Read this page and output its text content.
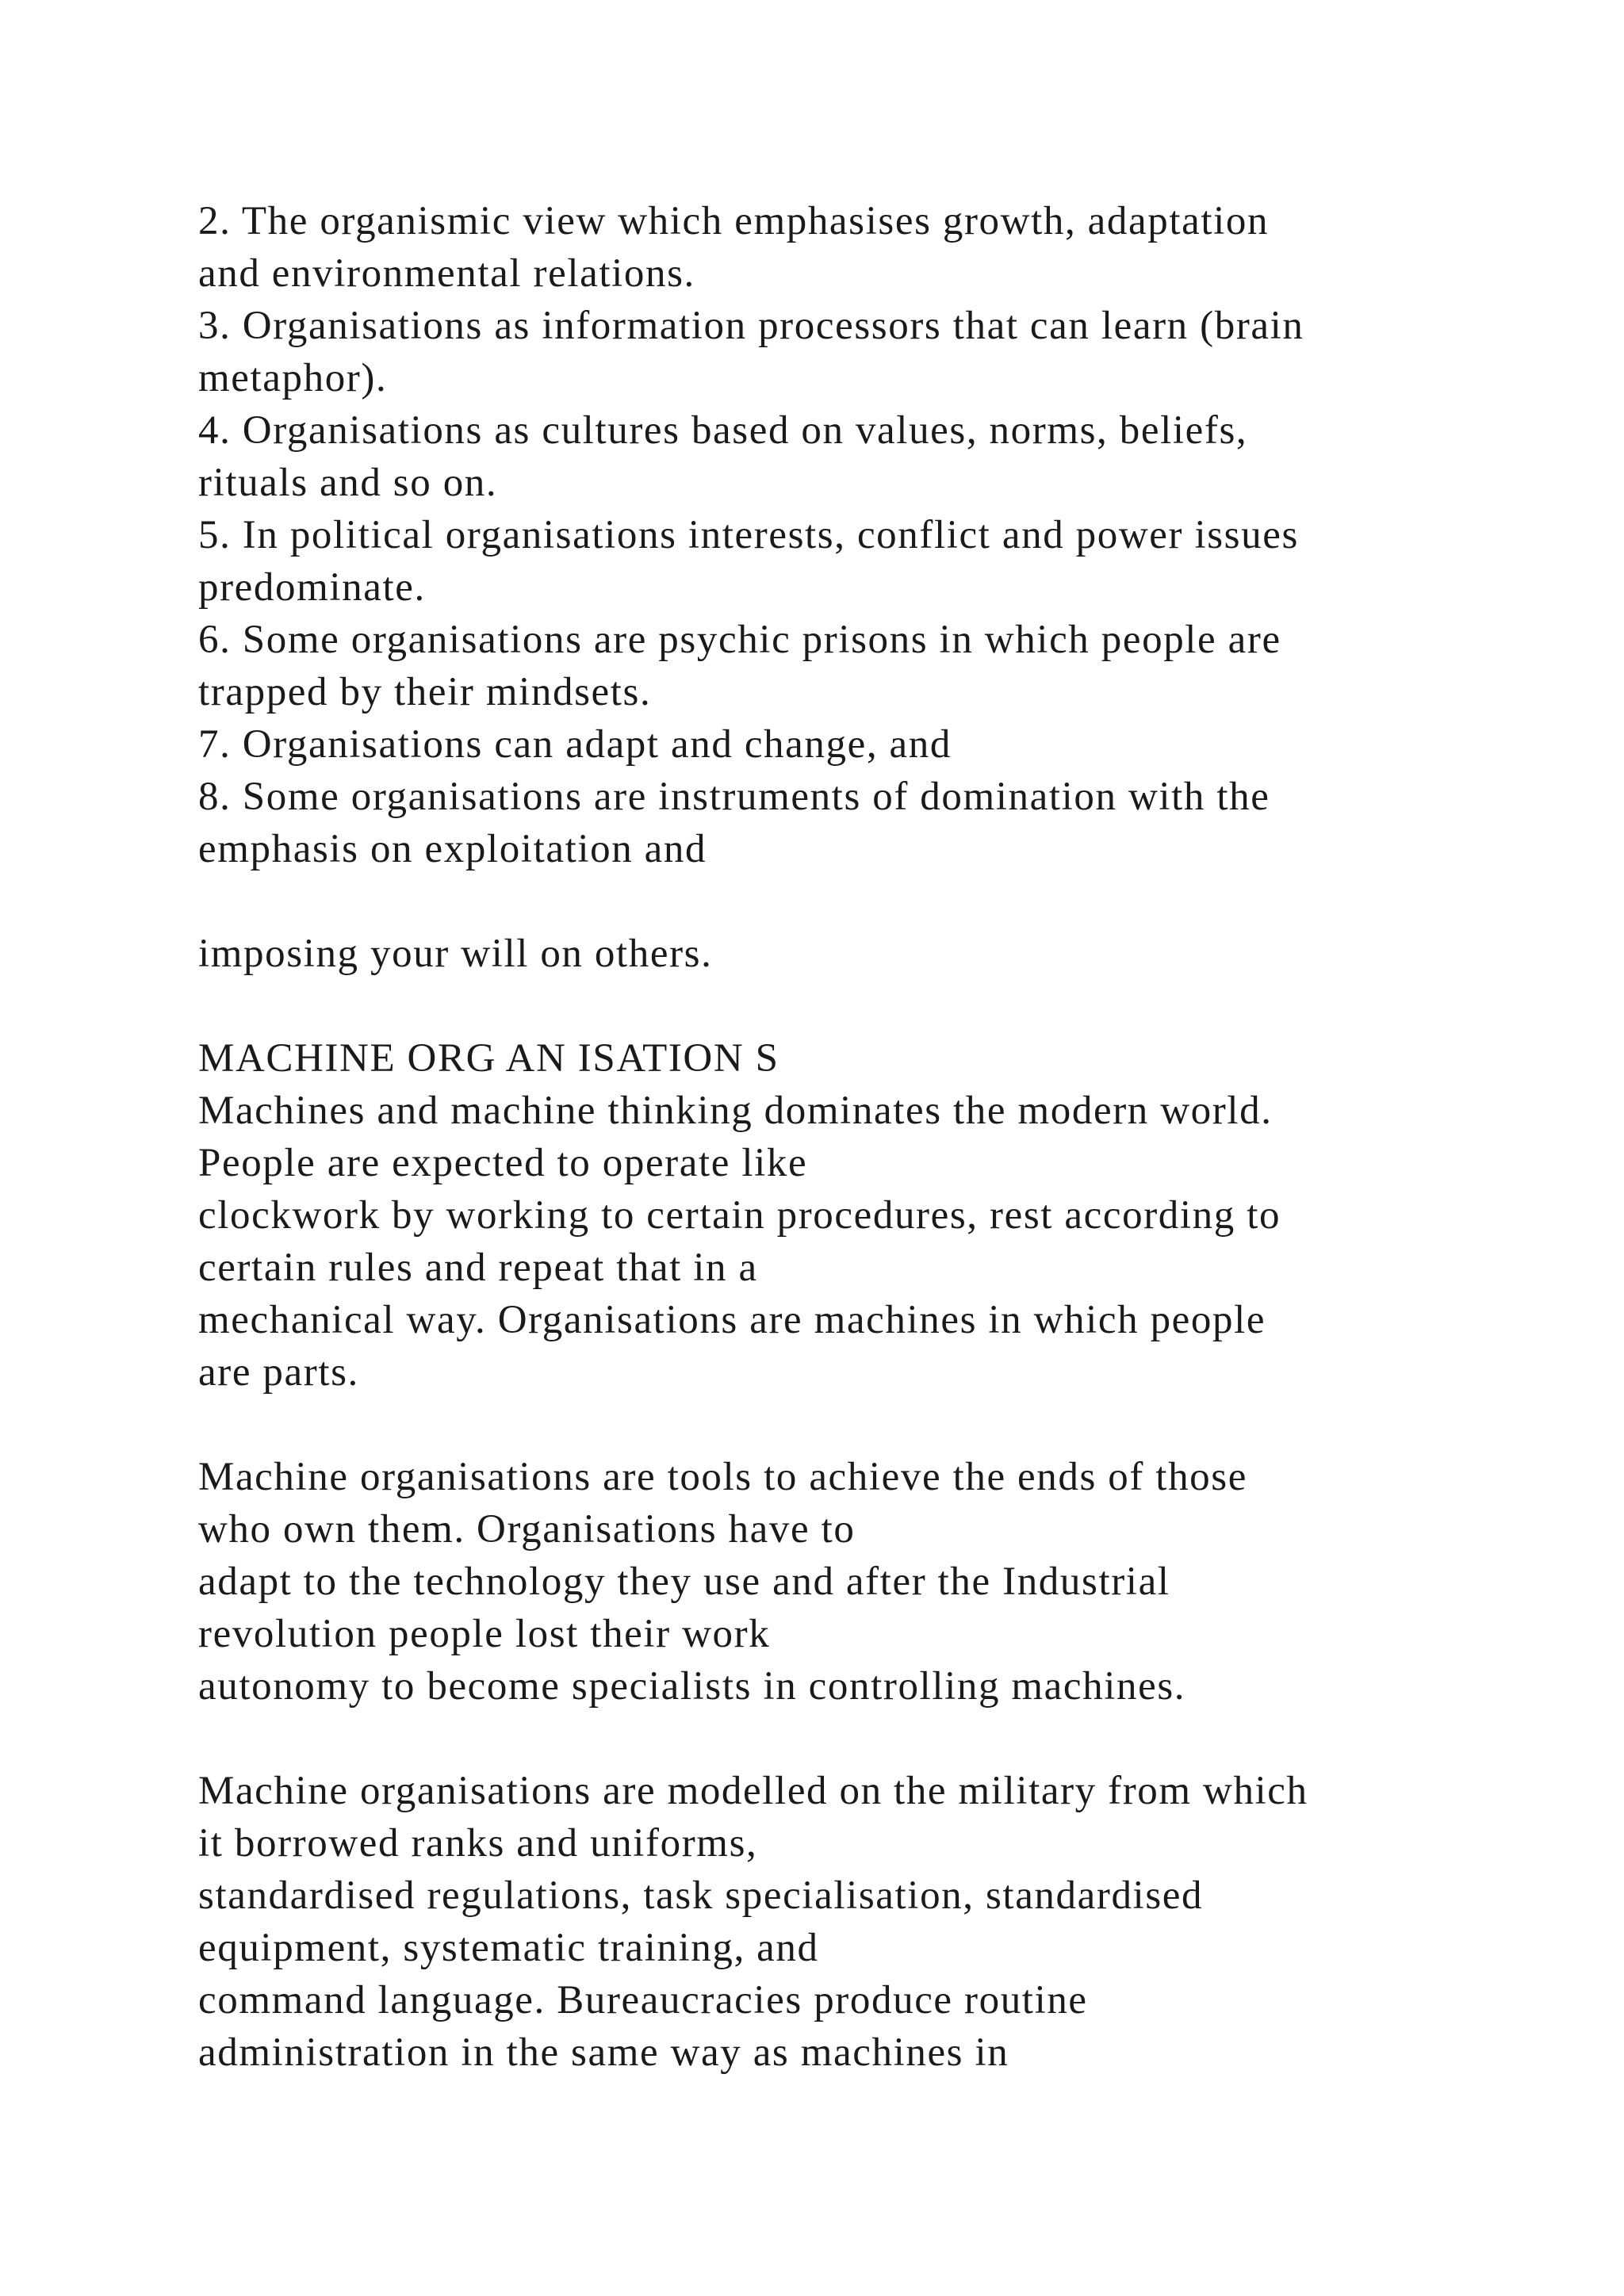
2. The organismic view which emphasises growth, adaptation
and environmental relations.
3. Organisations as information processors that can learn (brain
metaphor).
4. Organisations as cultures based on values, norms, beliefs,
rituals and so on.
5. In political organisations interests, conflict and power issues
predominate.
6. Some organisations are psychic prisons in which people are
trapped by their mindsets.
7. Organisations can adapt and change, and
8. Some organisations are instruments of domination with the
emphasis on exploitation and
imposing your will on others.
MACHINE ORG AN ISATION S
Machines and machine thinking dominates the modern world.
People are expected to operate like
clockwork by working to certain procedures, rest according to
certain rules and repeat that in a
mechanical way. Organisations are machines in which people
are parts.
Machine organisations are tools to achieve the ends of those
who own them. Organisations have to
adapt to the technology they use and after the Industrial
revolution people lost their work
autonomy to become specialists in controlling machines.
Machine organisations are modelled on the military from which
it borrowed ranks and uniforms,
standardised regulations, task specialisation, standardised
equipment, systematic training, and
command language. Bureaucracies produce routine
administration in the same way as machines in
